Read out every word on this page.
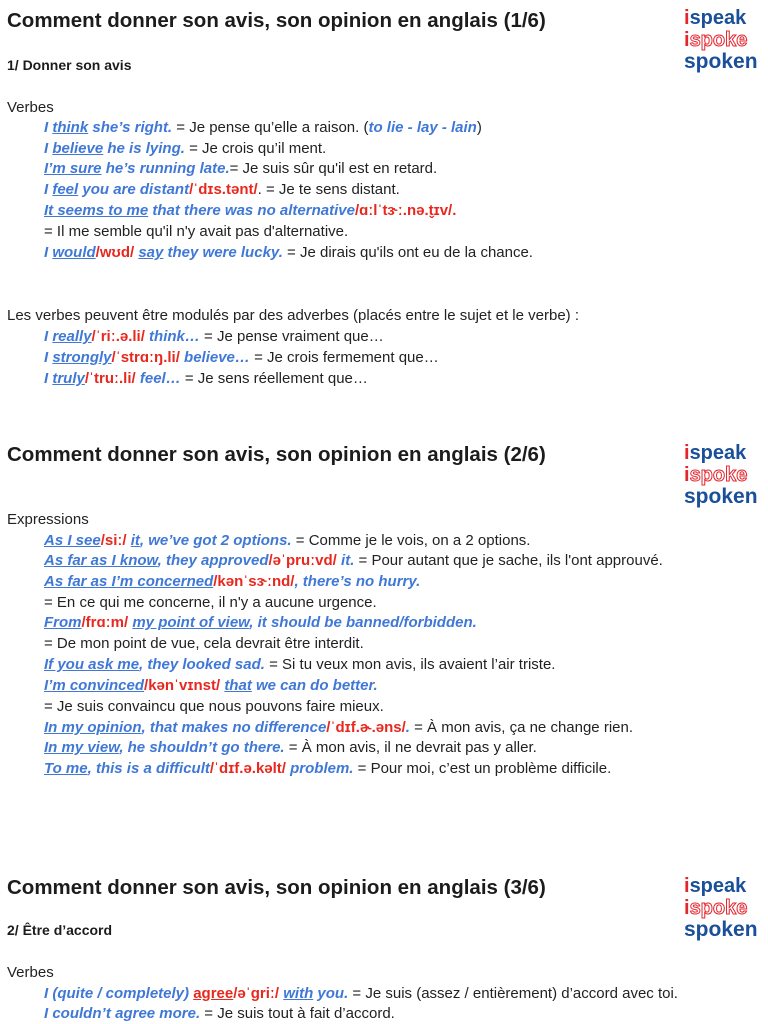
Comment donner son avis, son opinion en anglais (1/6)	ispeak
ispoke
spoken
1/ Donner son avis
Verbes
I think she’s right. = Je pense qu’elle a raison. (to lie - lay - lain)
I believe he is lying. = Je crois qu’il ment.
I’m sure he’s running late.= Je suis sûr qu'il est en retard.
I feel you are distant/ˈdɪs.tənt/. = Je te sens distant.
It seems to me that there was no alternative/ɑːlˈtɝː.nə.t̬ɪv/.
= Il me semble qu'il n'y avait pas d'alternative.
I would/wʊd/ say they were lucky. = Je dirais qu'ils ont eu de la chance.
Les verbes peuvent être modulés par des adverbes (placés entre le sujet et le verbe) :
I really/ˈriː.ə.li/ think… = Je pense vraiment que…
I strongly/ˈstrɑːŋ.li/ believe… = Je crois fermement que…
I truly/ˈtruː.li/ feel… = Je sens réellement que…
Comment donner son avis, son opinion en anglais (2/6)	ispeak
ispoke
spoken
Expressions
As I see/siː/ it, we’ve got 2 options. = Comme je le vois, on a 2 options.
As far as I know, they approved/əˈpruːvd/ it. = Pour autant que je sache, ils l'ont approuvé.
As far as I’m concerned/kənˈsɝːnd/, there’s no hurry.
= En ce qui me concerne, il n'y a aucune urgence.
From/frɑːm/ my point of view, it should be banned/forbidden.
= De mon point de vue, cela devrait être interdit.
If you ask me, they looked sad. = Si tu veux mon avis, ils avaient l’air triste.
I’m convinced/kənˈvɪnst/ that we can do better.
= Je suis convaincu que nous pouvons faire mieux.
In my opinion, that makes no difference/ˈdɪf.ɚ.əns/. = À mon avis, ça ne change rien.
In my view, he shouldn’t go there. = À mon avis, il ne devrait pas y aller.
To me, this is a difficult/ˈdɪf.ə.kəlt/ problem. = Pour moi, c’est un problème difficile.
Comment donner son avis, son opinion en anglais (3/6)	ispeak
ispoke
spoken
2/ Être d’accord
Verbes
I (quite / completely) agree/əˈgriː/ with you. = Je suis (assez / entièrement) d’accord avec toi.
I couldn’t agree more. = Je suis tout à fait d’accord.
